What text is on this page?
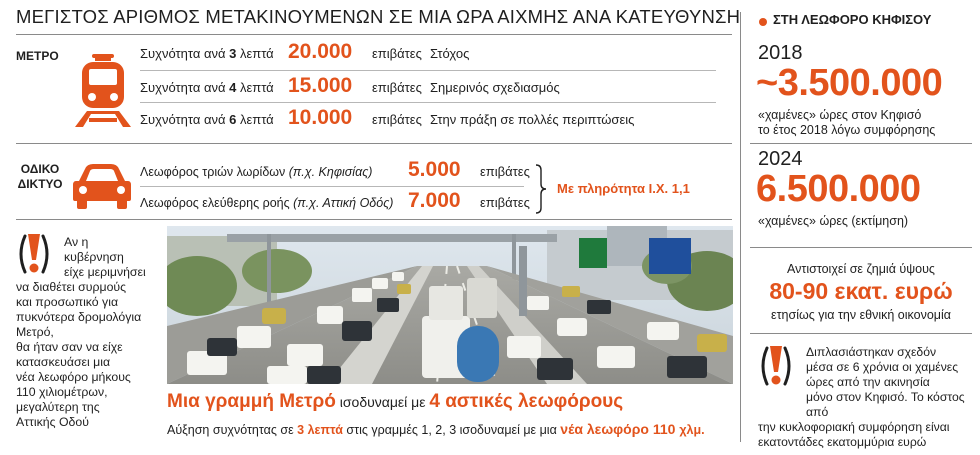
ΜΕΓΙΣΤΟΣ ΑΡΙΘΜΟΣ ΜΕΤΑΚΙΝΟΥΜΕΝΩΝ ΣΕ ΜΙΑ ΩΡΑ ΑΙΧΜΗΣ ΑΝΑ ΚΑΤΕΥΘΥΝΣΗ
ΜΕΤΡΟ	Συχνότητα ανά 3 λεπτά 20.000	επιβάτες Στόχος
Συχνότητα ανά 4 λεπτά 15.000	επιβάτες Σημερινός σχεδιασμός
Συχνότητα ανά 6 λεπτά 10.000	επιβάτες Στην πράξη σε πολλές περιπτώσεις
ΟΔΙΚΟ
ΔΙΚΤΥΟ
Λεωφόρος τριών λωρίδων (π.χ. Κηφισίας)	5.000	επιβάτες
Λεωφόρος ελεύθερης ροής (π.χ. Αττική Οδός) 7.000	επιβάτες
Με πληρότητα Ι.Χ. 1,1
Αν η
κυβέρνηση
είχε μεριμνήσει
να διαθέτει συρμούς
και προσωπικό για
πυκνότερα δρομολόγια
Μετρό,
θα ήταν σαν να είχε
κατασκευάσει μια
νέα λεωφόρο μήκους
110 χιλιομέτρων,
μεγαλύτερη της
Αττικής Οδού
Μια γραμμή Μετρό ισοδυναμεί με 4 αστικές λεωφόρους
Αύξηση συχνότητας σε 3 λεπτά στις γραμμές 1, 2, 3 ισοδυναμεί με μια νέα λεωφόρο 110 χλμ.
ΣΤΗ ΛΕΩΦΟΡΟ ΚΗΦΙΣΟΥ
2018
~3.500.000
«χαμένες» ώρες στον Κηφισό
το έτος 2018 λόγω συμφόρησης
2024
6.500.000
«χαμένες» ώρες (εκτίμηση)
Αντιστοιχεί σε ζημιά ύψους
80-90 εκατ. ευρώ
ετησίως για την εθνική οικονομία
Διπλασιάστηκαν σχεδόν
μέσα σε 6 χρόνια οι χαμένες
ώρες από την ακινησία
μόνο στον Κηφισό. Το κόστος από
την κυκλοφοριακή συμφόρηση είναι
εκατοντάδες εκατομμύρια ευρώ
